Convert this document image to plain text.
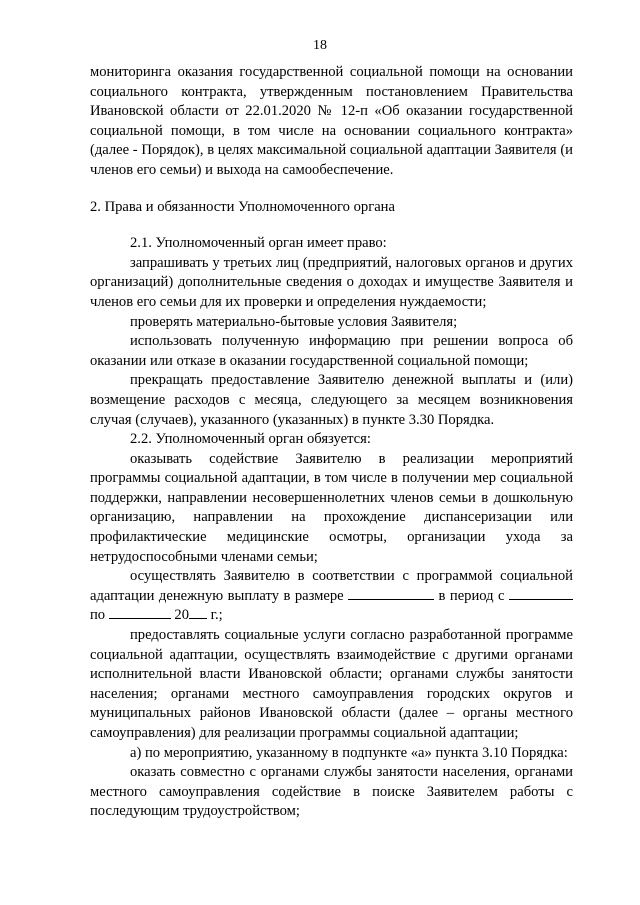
18

мониторинга оказания государственной социальной помощи на основании социального контракта, утвержденным постановлением Правительства Ивановской области от 22.01.2020 № 12-п «Об оказании государственной социальной помощи, в том числе на основании социального контракта» (далее - Порядок), в целях максимальной социальной адаптации Заявителя (и членов его семьи) и выхода на самообеспечение.

2. Права и обязанности Уполномоченного органа

2.1. Уполномоченный орган имеет право:

запрашивать у третьих лиц (предприятий, налоговых органов и других организаций) дополнительные сведения о доходах и имуществе Заявителя и членов его семьи для их проверки и определения нуждаемости;

проверять материально-бытовые условия Заявителя;

использовать полученную информацию при решении вопроса об оказании или отказе в оказании государственной социальной помощи;

прекращать предоставление Заявителю денежной выплаты и (или) возмещение расходов с месяца, следующего за месяцем возникновения случая (случаев), указанного (указанных) в пункте 3.30 Порядка.

2.2. Уполномоченный орган обязуется:

оказывать содействие Заявителю в реализации мероприятий программы социальной адаптации, в том числе в получении мер социальной поддержки, направлении несовершеннолетних членов семьи в дошкольную организацию, направлении на прохождение диспансеризации или профилактические медицинские осмотры, организации ухода за нетрудоспособными членами семьи;

осуществлять Заявителю в соответствии с программой социальной адаптации денежную выплату в размере	в период с  по	20 г.;

предоставлять социальные услуги согласно разработанной программе социальной адаптации, осуществлять взаимодействие с другими органами исполнительной власти Ивановской области; органами службы занятости населения; органами местного самоуправления городских округов и муниципальных районов Ивановской области (далее – органы местного самоуправления) для реализации программы социальной адаптации;

а) по мероприятию, указанному в подпункте «а» пункта 3.10 Порядка:

оказать совместно с органами службы занятости населения, органами местного самоуправления содействие в поиске Заявителем работы с последующим трудоустройством;
